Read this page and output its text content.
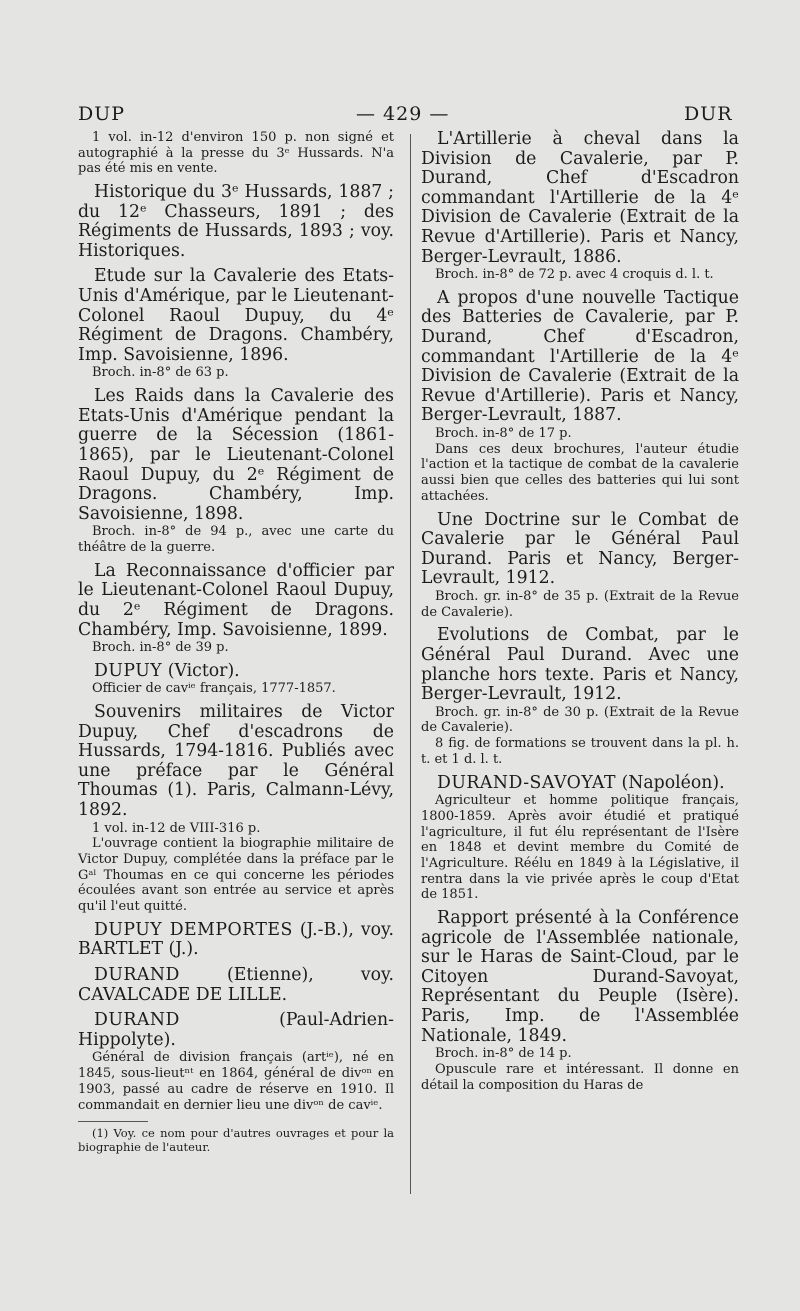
DUP	— 429 —	DUR

1 vol. in-12 d'environ 150 p. non signé et autographié à la presse du 3ᵉ Hussards. N'a pas été mis en vente.

Historique du 3ᵉ Hussards, 1887 ; du 12ᵉ Chasseurs, 1891 ; des Régiments de Hussards, 1893 ; voy. Historiques.

Etude sur la Cavalerie des Etats-Unis d'Amérique, par le Lieutenant-Colonel Raoul Dupuy, du 4ᵉ Régiment de Dragons. Chambéry, Imp. Savoisienne, 1896.

Broch. in-8° de 63 p.

Les Raids dans la Cavalerie des Etats-Unis d'Amérique pendant la guerre de la Sécession (1861-1865), par le Lieutenant-Colonel Raoul Dupuy, du 2ᵉ Régiment de Dragons. Chambéry, Imp. Savoisienne, 1898.

Broch. in-8° de 94 p., avec une carte du théâtre de la guerre.

La Reconnaissance d'officier par le Lieutenant-Colonel Raoul Dupuy, du 2ᵉ Régiment de Dragons. Chambéry, Imp. Savoisienne, 1899.

Broch. in-8° de 39 p.

DUPUY (Victor).

Officier de cavⁱᵉ français, 1777-1857.

Souvenirs militaires de Victor Dupuy, Chef d'escadrons de Hussards, 1794-1816. Publiés avec une préface par le Général Thoumas (1). Paris, Calmann-Lévy, 1892.

1 vol. in-12 de VIII-316 p.

L'ouvrage contient la biographie militaire de Victor Dupuy, complétée dans la préface par le Gᵃˡ Thoumas en ce qui concerne les périodes écoulées avant son entrée au service et après qu'il l'eut quitté.

DUPUY DEMPORTES (J.-B.), voy. BARTLET (J.).

DURAND (Etienne), voy. CAVALCADE DE LILLE.

DURAND (Paul-Adrien-Hippolyte).

Général de division français (artⁱᵉ), né en 1845, sous-lieutⁿᵗ en 1864, général de divᵒⁿ en 1903, passé au cadre de réserve en 1910. Il commandait en dernier lieu une divᵒⁿ de cavⁱᵉ.

(1) Voy. ce nom pour d'autres ouvrages et pour la biographie de l'auteur.

L'Artillerie à cheval dans la Division de Cavalerie, par P. Durand, Chef d'Escadron commandant l'Artillerie de la 4ᵉ Division de Cavalerie (Extrait de la Revue d'Artillerie). Paris et Nancy, Berger-Levrault, 1886.

Broch. in-8° de 72 p. avec 4 croquis d. l. t.

A propos d'une nouvelle Tactique des Batteries de Cavalerie, par P. Durand, Chef d'Escadron, commandant l'Artillerie de la 4ᵉ Division de Cavalerie (Extrait de la Revue d'Artillerie). Paris et Nancy, Berger-Levrault, 1887.

Broch. in-8° de 17 p.

Dans ces deux brochures, l'auteur étudie l'action et la tactique de combat de la cavalerie aussi bien que celles des batteries qui lui sont attachées.

Une Doctrine sur le Combat de Cavalerie par le Général Paul Durand. Paris et Nancy, Berger-Levrault, 1912.

Broch. gr. in-8° de 35 p. (Extrait de la Revue de Cavalerie).

Evolutions de Combat, par le Général Paul Durand. Avec une planche hors texte. Paris et Nancy, Berger-Levrault, 1912.

Broch. gr. in-8° de 30 p. (Extrait de la Revue de Cavalerie).

8 fig. de formations se trouvent dans la pl. h. t. et 1 d. l. t.

DURAND-SAVOYAT (Napoléon).

Agriculteur et homme politique français, 1800-1859. Après avoir étudié et pratiqué l'agriculture, il fut élu représentant de l'Isère en 1848 et devint membre du Comité de l'Agriculture. Réélu en 1849 à la Législative, il rentra dans la vie privée après le coup d'Etat de 1851.

Rapport présenté à la Conférence agricole de l'Assemblée nationale, sur le Haras de Saint-Cloud, par le Citoyen Durand-Savoyat, Représentant du Peuple (Isère). Paris, Imp. de l'Assemblée Nationale, 1849.

Broch. in-8° de 14 p.

Opuscule rare et intéressant. Il donne en détail la composition du Haras de
